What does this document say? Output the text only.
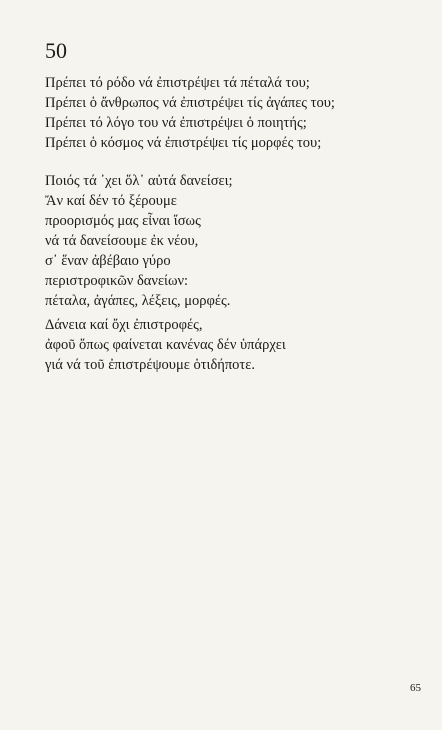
50
Πρέπει τό ρόδο νά ἐπιστρέψει τά πέταλά του;
Πρέπει ὁ ἄνθρωπος νά ἐπιστρέψει τίς ἀγάπες του;
Πρέπει τό λόγο του νά ἐπιστρέψει ὁ ποιητής;
Πρέπει ὁ κόσμος νά ἐπιστρέψει τίς μορφές του;
Ποιός τά ᾿χει ὅλ᾿ αὐτά δανείσει;
Ἄν καί δέν τό ξέρουμε
προορισμός μας εἶναι ἴσως
νά τά δανείσουμε ἐκ νέου,
σ᾿ ἕναν ἀβέβαιο γύρο
περιστροφικῶν δανείων:
πέταλα, ἀγάπες, λέξεις, μορφές.
Δάνεια καί ὄχι ἐπιστροφές,
ἀφοῦ ὅπως φαίνεται κανένας δέν ὑπάρχει
γιά νά τοῦ ἐπιστρέψουμε ὁτιδήποτε.
65
